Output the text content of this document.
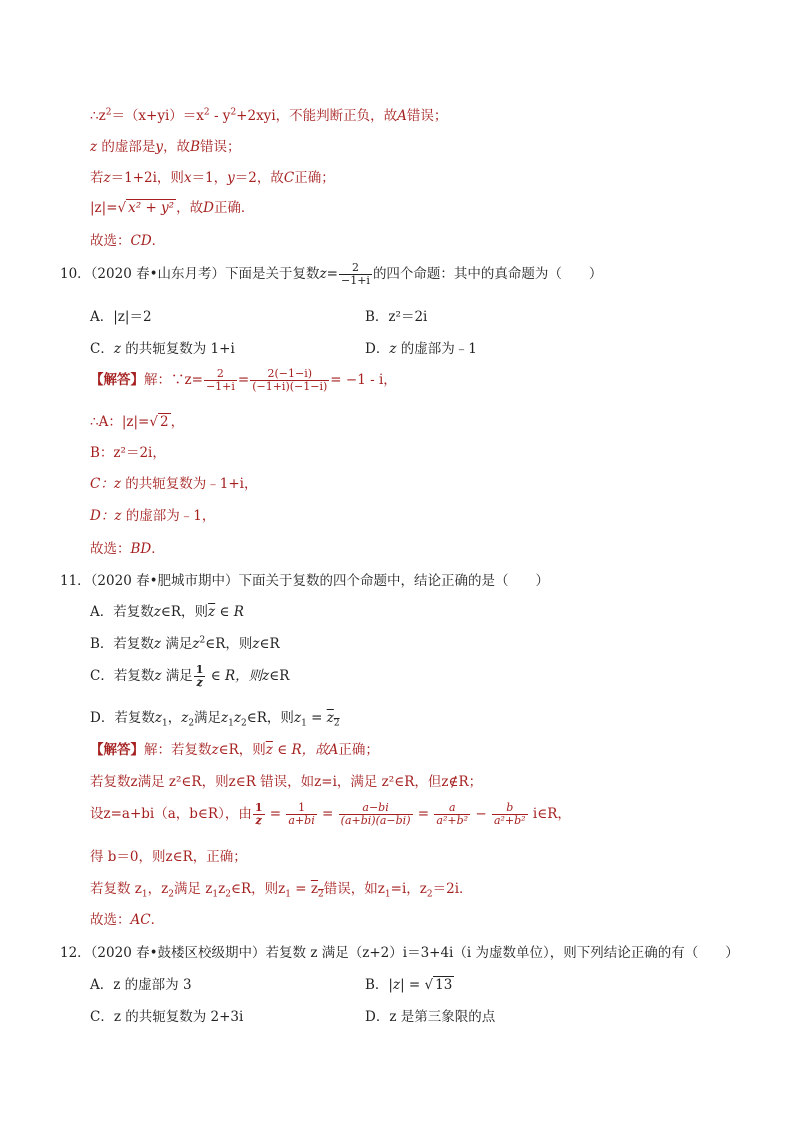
$\therefore z^2=(x+yi)=x^2 - y^2+2xyi$，不能判断正负，故A错误；
z 的虚部是y，故B错误；
若z＝1+2i，则x＝1，y＝2，故C正确；
|z|=√ x² + y² ，故D正确．
故选：CD．
10．（2020 春•山东月考）下面是关于复数$z= \frac{2}{-1+i}$ 的四个命题：其中的真命题为（　　）
A．|z|＝2	B．z²＝2i
C．z 的共轭复数为 1+i	D．z 的虚部为﹣1
【解答】解：∵z= $\frac{2}{-1+i} = \frac{2(-1-i)}{(-1+i)(-1-i)} = -1 - i$，
∴A：|z|=√ 2 ，
B：z²＝2i，
C：z 的共轭复数为﹣1+i，
D：z 的虚部为﹣1，
故选：BD．
11．（2020 春•肥城市期中）下面关于复数的四个命题中，结论正确的是（　　）
A．若复数z∈R，则$\overline{z}$ ∈ R
B．若复数z 满足$z^2\in R$，则z∈R
C．若复数z 满足 $\frac{1}{z}$ ∈ R，则z∈R
D．若复数$z_1$，$z_2$满足$z_1z_2\in R$，则$z_1 = z_2$
【解答】解：若复数z∈R，则$\overline{z}$ ∈ R，故A正确；
若复数z满足 z²∈R，则z∈R 错误，如z=i，满足 z²∈R，但z∉R；
设z=a+bi（a，b∈R），由 $\frac{1}{z} = \frac{1}{a+bi} = \frac{a-bi}{(a+bi)(a-bi)} = \frac{a}{\text{a²+b²}} - \frac{b}{\text{a²+b²}}$ i∈R，
得 b＝0，则z∈R，正确；
若复数 $z_1$，$z_2$满足 $z_1z_2\in R$，则$z_1 = z_2$错误，如$z_1=i$，$z_2=2i$．
故选：AC．
12．（2020 春•鼓楼区校级期中）若复数 z 满足（z+2）i＝3+4i（i 为虚数单位），则下列结论正确的有（　　）
A．z 的虚部为 3	B．|z| = √ 13
C．z 的共轭复数为 2+3i	D．z 是第三象限的点
